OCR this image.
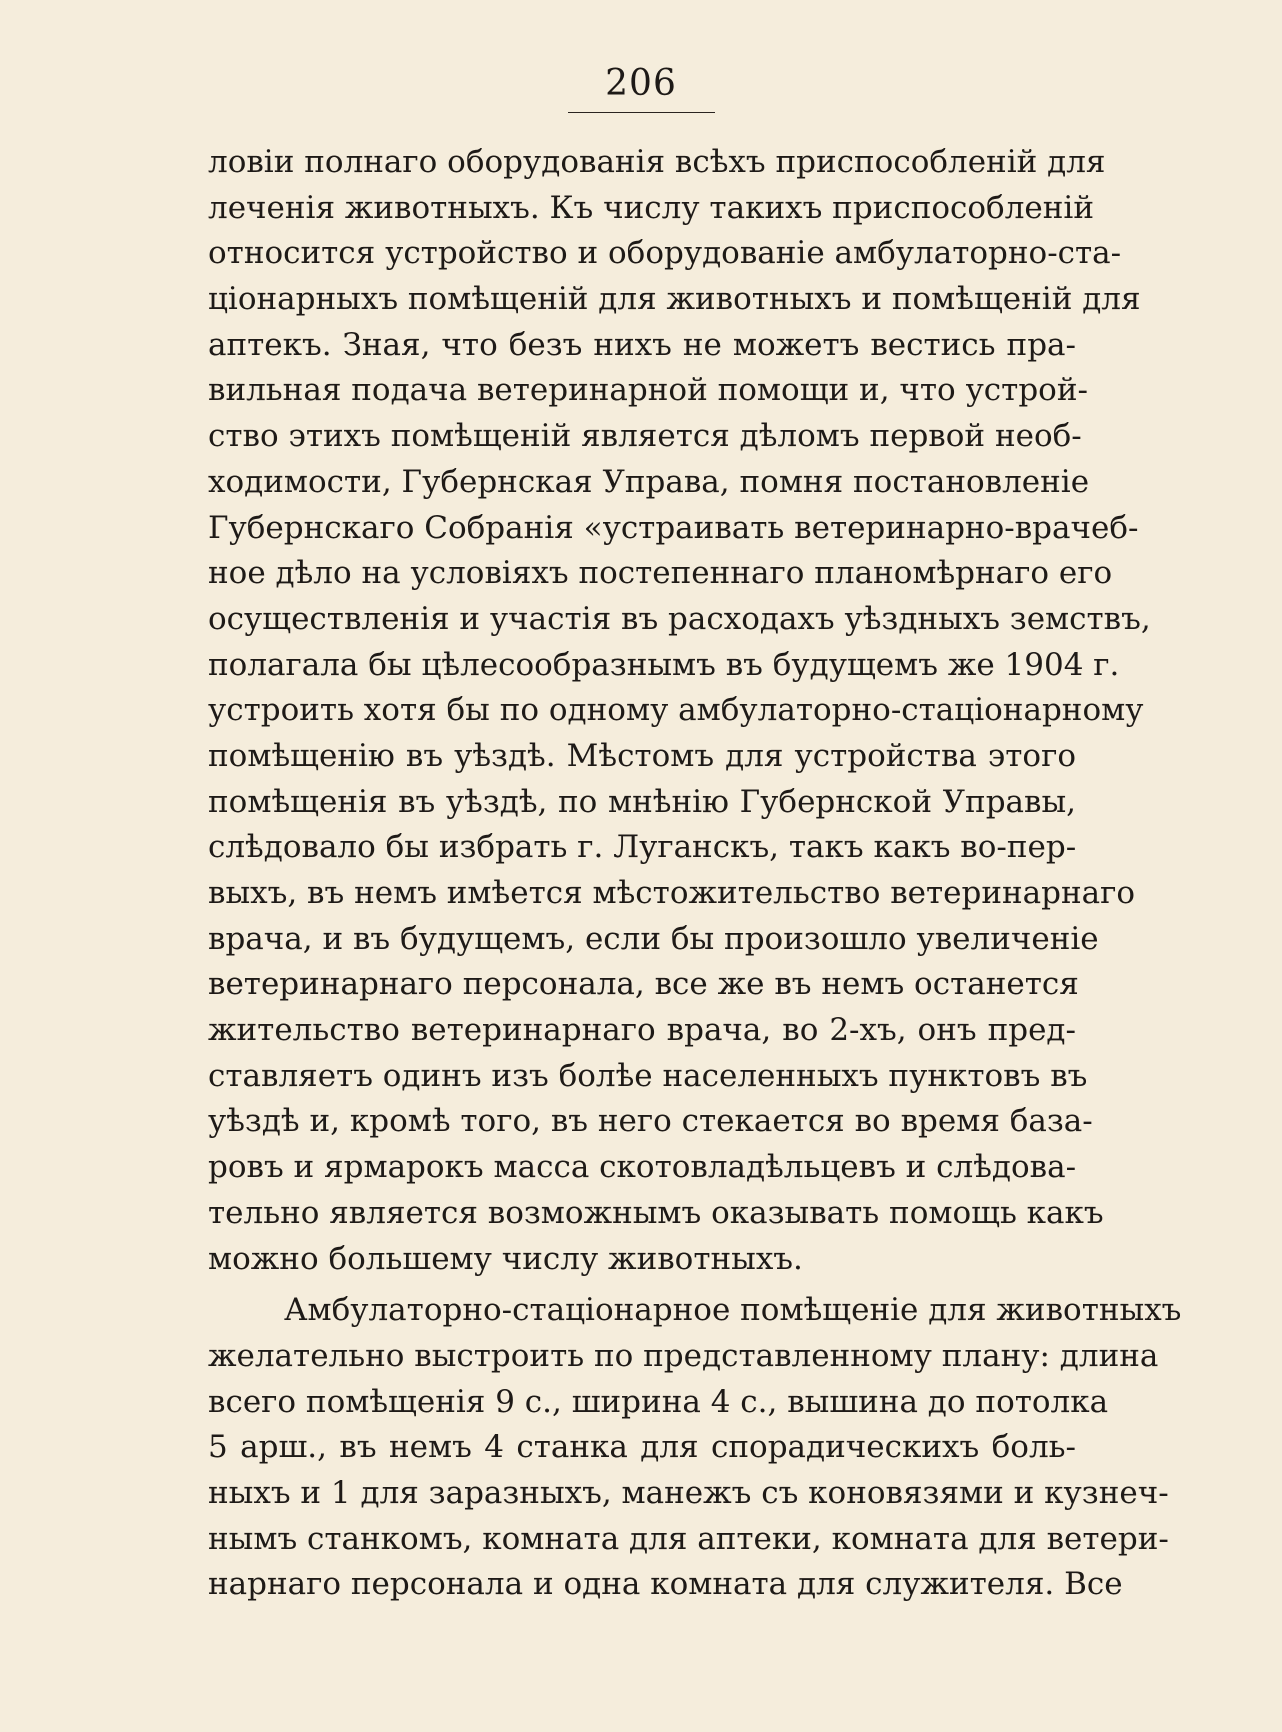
206
ловіи полнаго оборудованія всѣхъ приспособленій для
леченія животныхъ. Къ числу такихъ приспособленій
относится устройство и оборудованіе амбулаторно-ста-
ціонарныхъ помѣщеній для животныхъ и помѣщеній для
аптекъ. Зная, что безъ нихъ не можетъ вестись пра-
вильная подача ветеринарной помощи и, что устрой-
ство этихъ помѣщеній является дѣломъ первой необ-
ходимости, Губернская Управа, помня постановленіе
Губернскаго Собранія «устраивать ветеринарно-врачеб-
ное дѣло на условіяхъ постепеннаго планомѣрнаго его
осуществленія и участія въ расходахъ уѣздныхъ земствъ,
полагала бы цѣлесообразнымъ въ будущемъ же 1904 г.
устроить хотя бы по одному амбулаторно-стаціонарному
помѣщенію въ уѣздѣ. Мѣстомъ для устройства этого
помѣщенія въ уѣздѣ, по мнѣнію Губернской Управы,
слѣдовало бы избрать г. Луганскъ, такъ какъ во-пер-
выхъ, въ немъ имѣется мѣстожительство ветеринарнаго
врача, и въ будущемъ, если бы произошло увеличеніе
ветеринарнаго персонала, все же въ немъ останется
жительство ветеринарнаго врача, во 2-хъ, онъ пред-
ставляетъ одинъ изъ болѣе населенныхъ пунктовъ въ
уѣздѣ и, кромѣ того, въ него стекается во время база-
ровъ и ярмарокъ масса скотовладѣльцевъ и слѣдова-
тельно является возможнымъ оказывать помощь какъ
можно большему числу животныхъ.
Амбулаторно-стаціонарное помѣщеніе для животныхъ
желательно выстроить по представленному плану: длина
всего помѣщенія 9 с., ширина 4 с., вышина до потолка
5 арш., въ немъ 4 станка для спорадическихъ боль-
ныхъ и 1 для заразныхъ, манежъ съ коновязями и кузнеч-
нымъ станкомъ, комната для аптеки, комната для ветери-
нарнаго персонала и одна комната для служителя. Все
